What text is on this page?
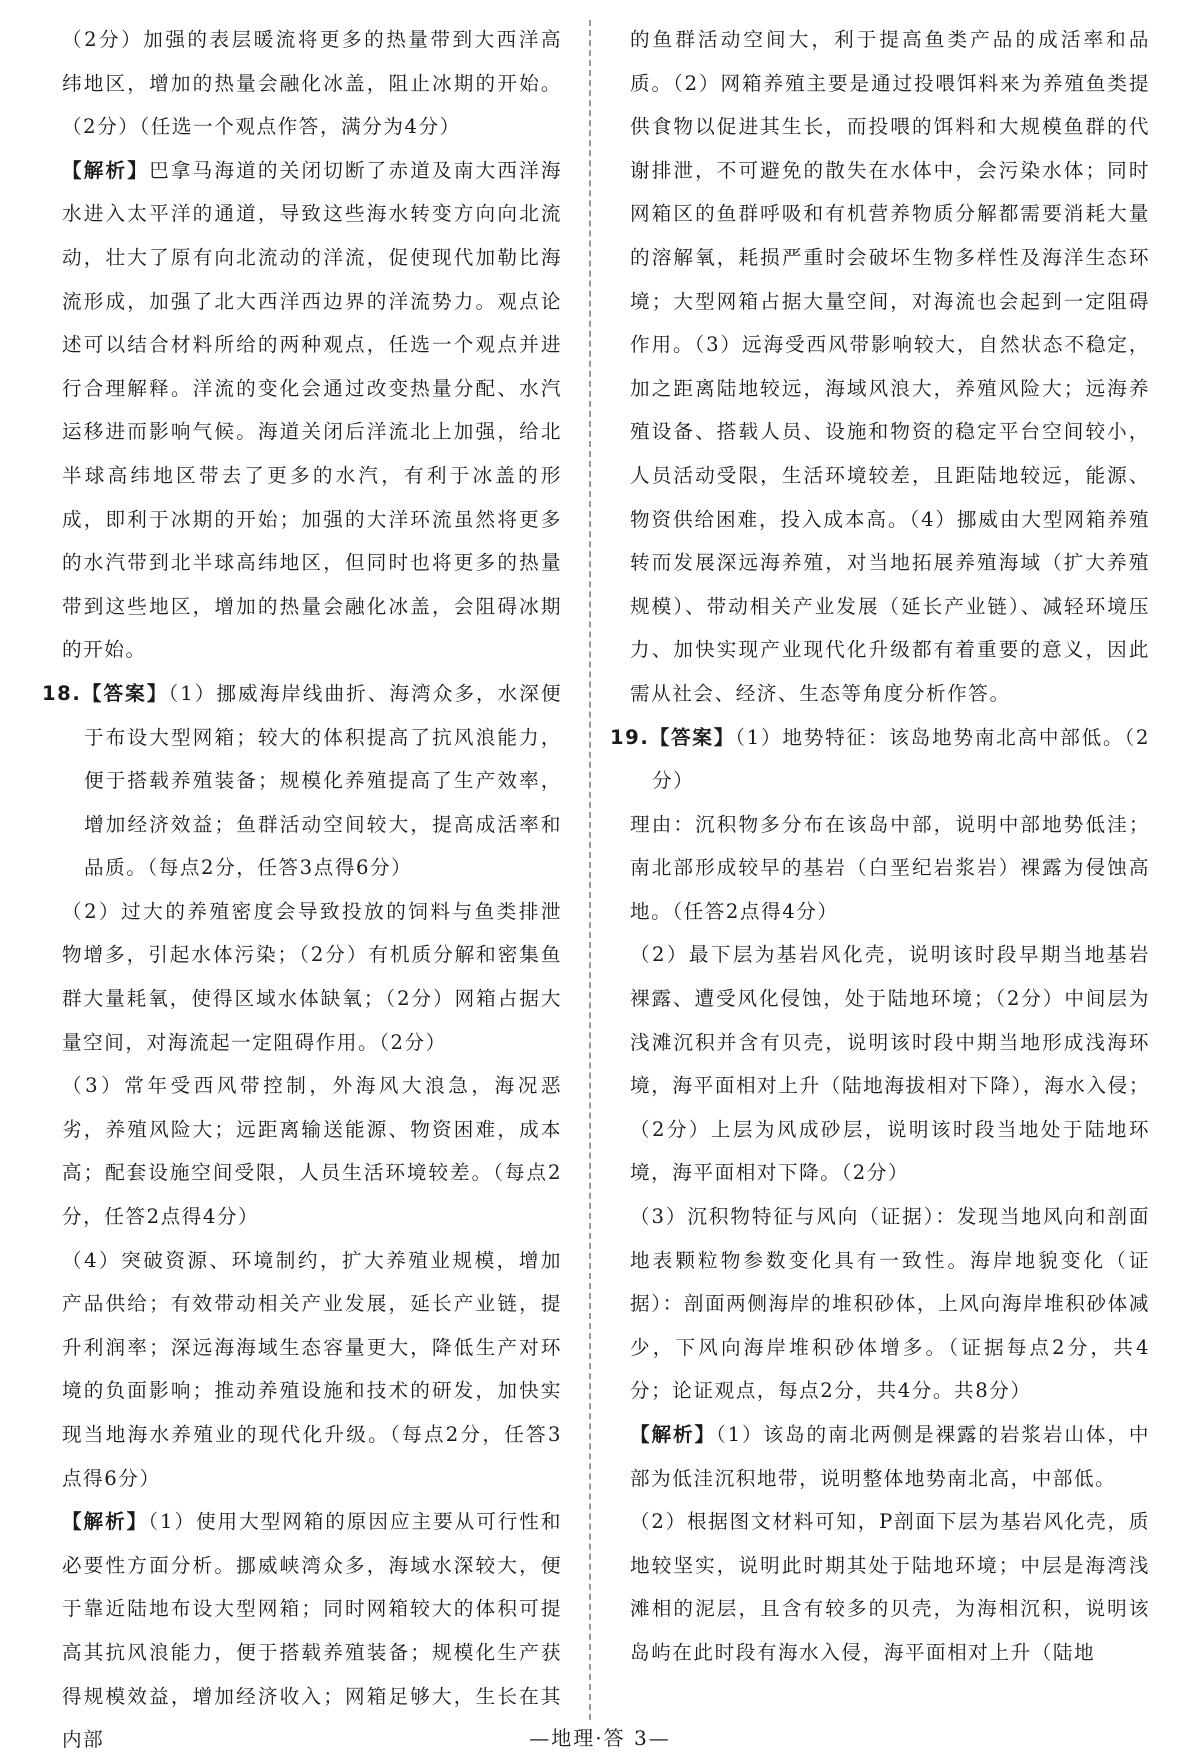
（2分）加强的表层暖流将更多的热量带到大西洋高纬地区，增加的热量会融化冰盖，阻止冰期的开始。（2分）（任选一个观点作答，满分为4分）

【解析】巴拿马海道的关闭切断了赤道及南大西洋海水进入太平洋的通道，导致这些海水转变方向向北流动，壮大了原有向北流动的洋流，促使现代加勒比海流形成，加强了北大西洋西边界的洋流势力。观点论述可以结合材料所给的两种观点，任选一个观点并进行合理解释。洋流的变化会通过改变热量分配、水汽运移进而影响气候。海道关闭后洋流北上加强，给北半球高纬地区带去了更多的水汽，有利于冰盖的形成，即利于冰期的开始；加强的大洋环流虽然将更多的水汽带到北半球高纬地区，但同时也将更多的热量带到这些地区，增加的热量会融化冰盖，会阻碍冰期的开始。

18.【答案】（1）挪威海岸线曲折、海湾众多，水深便于布设大型网箱；较大的体积提高了抗风浪能力，便于搭载养殖装备；规模化养殖提高了生产效率，增加经济效益；鱼群活动空间较大，提高成活率和品质。（每点2分，任答3点得6分）

（2）过大的养殖密度会导致投放的饲料与鱼类排泄物增多，引起水体污染；（2分）有机质分解和密集鱼群大量耗氧，使得区域水体缺氧；（2分）网箱占据大量空间，对海流起一定阻碍作用。（2分）

（3）常年受西风带控制，外海风大浪急，海况恶劣，养殖风险大；远距离输送能源、物资困难，成本高；配套设施空间受限，人员生活环境较差。（每点2分，任答2点得4分）

（4）突破资源、环境制约，扩大养殖业规模，增加产品供给；有效带动相关产业发展，延长产业链，提升利润率；深远海海域生态容量更大，降低生产对环境的负面影响；推动养殖设施和技术的研发，加快实现当地海水养殖业的现代化升级。（每点2分，任答3点得6分）

【解析】（1）使用大型网箱的原因应主要从可行性和必要性方面分析。挪威峡湾众多，海域水深较大，便于靠近陆地布设大型网箱；同时网箱较大的体积可提高其抗风浪能力，便于搭载养殖装备；规模化生产获得规模效益，增加经济收入；网箱足够大，生长在其内部

的鱼群活动空间大，利于提高鱼类产品的成活率和品质。（2）网箱养殖主要是通过投喂饵料来为养殖鱼类提供食物以促进其生长，而投喂的饵料和大规模鱼群的代谢排泄，不可避免的散失在水体中，会污染水体；同时网箱区的鱼群呼吸和有机营养物质分解都需要消耗大量的溶解氧，耗损严重时会破坏生物多样性及海洋生态环境；大型网箱占据大量空间，对海流也会起到一定阻碍作用。（3）远海受西风带影响较大，自然状态不稳定，加之距离陆地较远，海域风浪大，养殖风险大；远海养殖设备、搭载人员、设施和物资的稳定平台空间较小，人员活动受限，生活环境较差，且距陆地较远，能源、物资供给困难，投入成本高。（4）挪威由大型网箱养殖转而发展深远海养殖，对当地拓展养殖海域（扩大养殖规模）、带动相关产业发展（延长产业链）、减轻环境压力、加快实现产业现代化升级都有着重要的意义，因此需从社会、经济、生态等角度分析作答。

19.【答案】（1）地势特征：该岛地势南北高中部低。（2分）

理由：沉积物多分布在该岛中部，说明中部地势低洼；南北部形成较早的基岩（白垩纪岩浆岩）裸露为侵蚀高地。（任答2点得4分）

（2）最下层为基岩风化壳，说明该时段早期当地基岩裸露、遭受风化侵蚀，处于陆地环境；（2分）中间层为浅滩沉积并含有贝壳，说明该时段中期当地形成浅海环境，海平面相对上升（陆地海拔相对下降），海水入侵；（2分）上层为风成砂层，说明该时段当地处于陆地环境，海平面相对下降。（2分）

（3）沉积物特征与风向（证据）：发现当地风向和剖面地表颗粒物参数变化具有一致性。海岸地貌变化（证据）：剖面两侧海岸的堆积砂体，上风向海岸堆积砂体减少，下风向海岸堆积砂体增多。（证据每点2分，共4分；论证观点，每点2分，共4分。共8分）

【解析】（1）该岛的南北两侧是裸露的岩浆岩山体，中部为低洼沉积地带，说明整体地势南北高，中部低。

（2）根据图文材料可知，P剖面下层为基岩风化壳，质地较坚实，说明此时期其处于陆地环境；中层是海湾浅滩相的泥层，且含有较多的贝壳，为海相沉积，说明该岛屿在此时段有海水入侵，海平面相对上升（陆地

—地理·答 3—
